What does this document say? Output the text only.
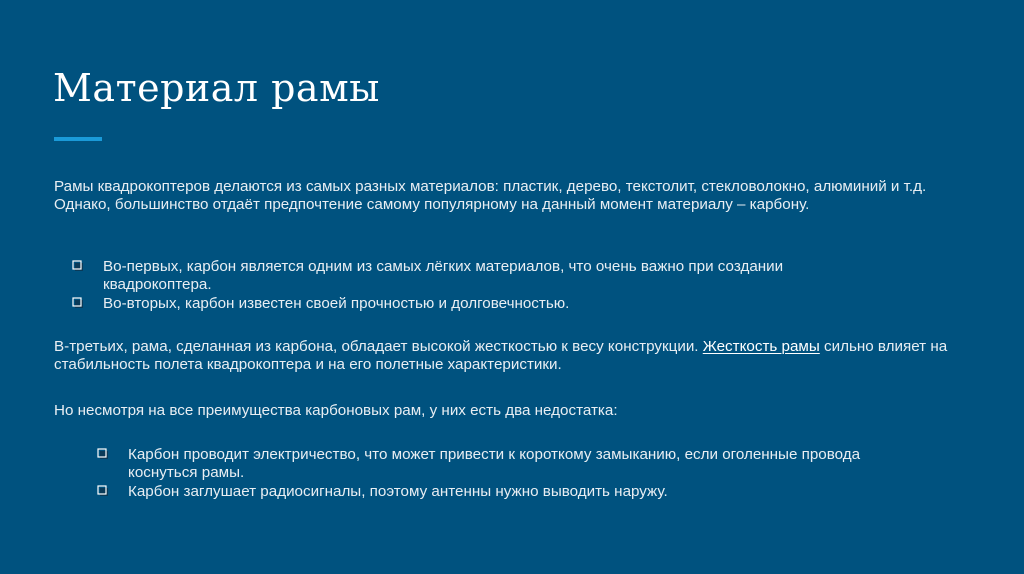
Материал рамы

Рамы квадрокоптеров делаются из самых разных материалов: пластик, дерево, текстолит, стекловолокно, алюминий и т.д. Однако, большинство отдаёт предпочтение самому популярному на данный момент материалу – карбону.

Во-первых, карбон является одним из самых лёгких материалов, что очень важно при создании квадрокоптера.
Во-вторых, карбон известен своей прочностью и долговечностью.

В-третьих, рама, сделанная из карбона, обладает высокой жесткостью к весу конструкции. Жесткость рамы сильно влияет на стабильность полета квадрокоптера и на его полетные характеристики.

Но несмотря на все преимущества карбоновых рам, у них есть два недостатка:

Карбон проводит электричество, что может привести к короткому замыканию, если оголенные провода коснуться рамы.
Карбон заглушает радиосигналы, поэтому антенны нужно выводить наружу.
